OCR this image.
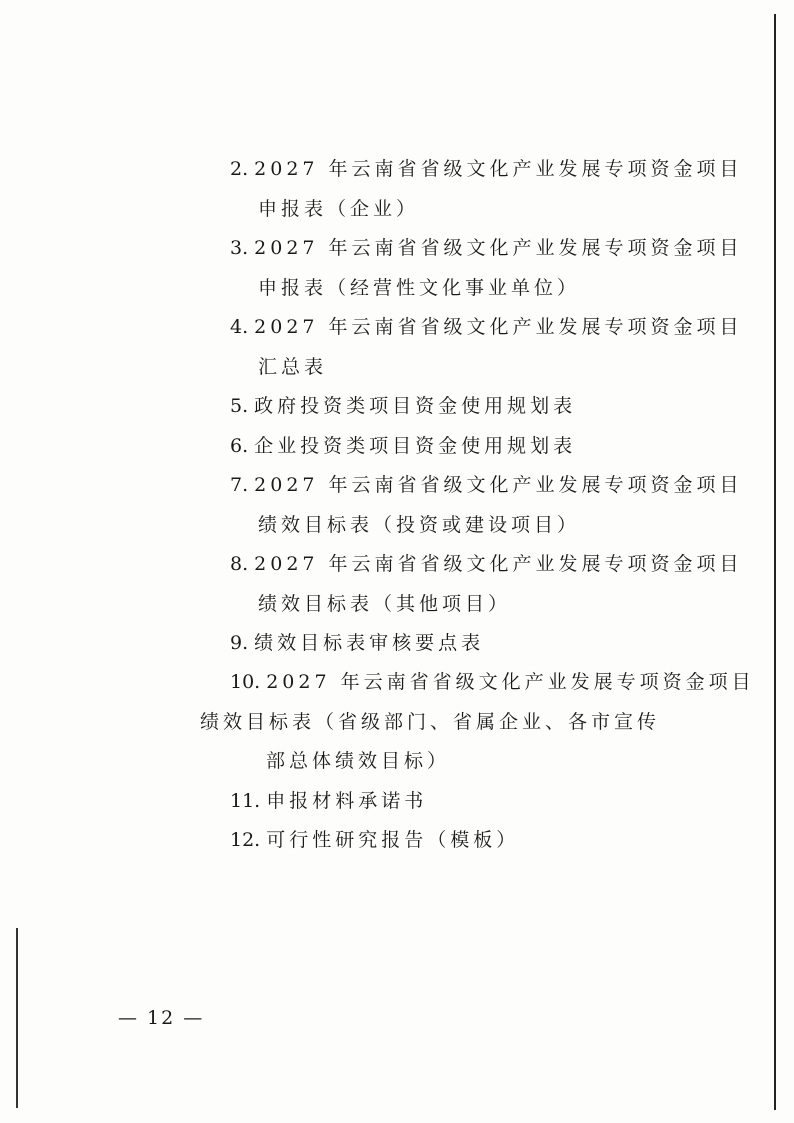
2. 2027 年云南省省级文化产业发展专项资金项目
申报表（企业）
3. 2027 年云南省省级文化产业发展专项资金项目
申报表（经营性文化事业单位）
4. 2027 年云南省省级文化产业发展专项资金项目
汇总表
5. 政府投资类项目资金使用规划表
6. 企业投资类项目资金使用规划表
7. 2027 年云南省省级文化产业发展专项资金项目
绩效目标表（投资或建设项目）
8. 2027 年云南省省级文化产业发展专项资金项目
绩效目标表（其他项目）
9. 绩效目标表审核要点表
10. 2027 年云南省省级文化产业发展专项资金项目
绩效目标表（省级部门、省属企业、各市宣传
部总体绩效目标）
11. 申报材料承诺书
12. 可行性研究报告（模板）
— 12 —
